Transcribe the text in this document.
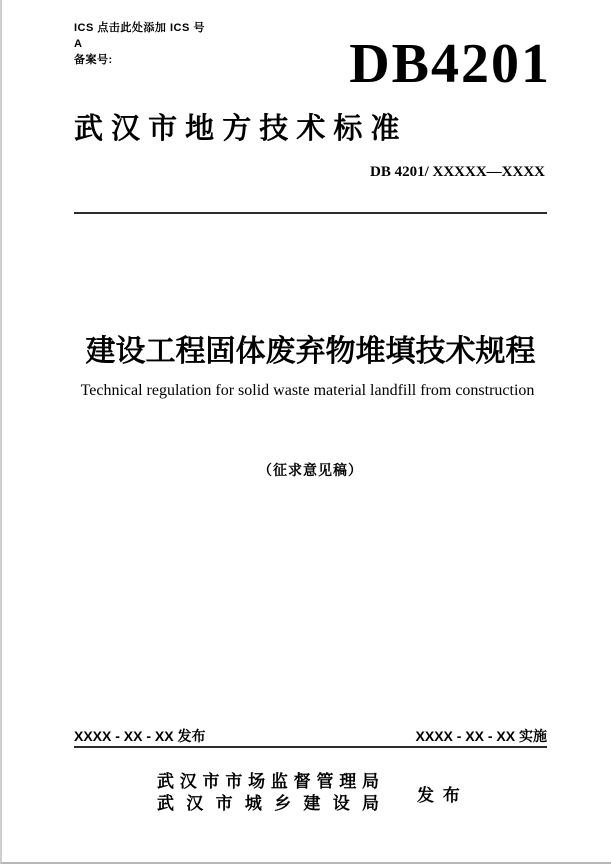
ICS 点击此处添加 ICS 号
A
备案号:	DB4201
武 汉 市 地 方 技 术 标 准
DB 4201/ XXXXX—XXXX
建设工程固体废弃物堆填技术规程
Technical regulation for solid waste material landfill from construction
（征求意见稿）
XXXX - XX - XX 发布	XXXX - XX - XX 实施
武 汉 市 市 场 监 督 管 理 局
武 汉 市 城 乡 建 设 局 发 布
